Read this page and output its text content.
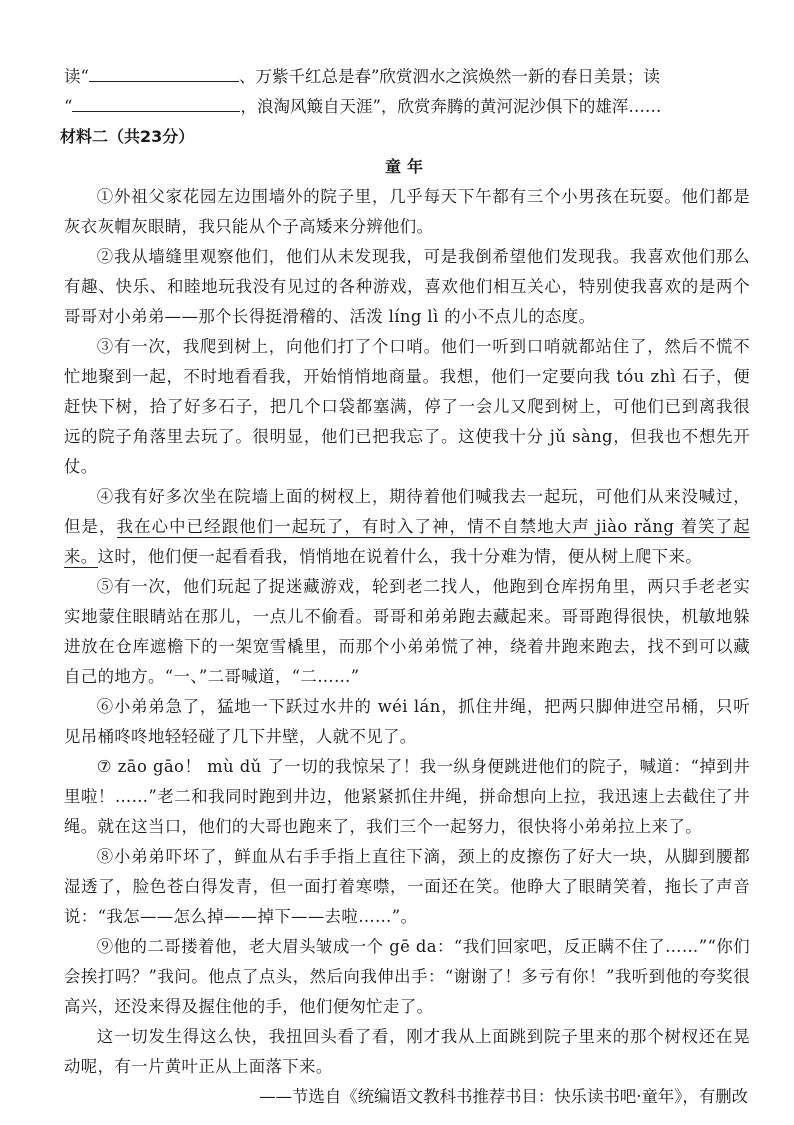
读“	、万紫千红总是春”欣赏泗水之滨焕然一新的春日美景；读

“	，浪淘风簸自天涯”，欣赏奔腾的黄河泥沙俱下的雄浑……

材料二（共23分）

童年

①外祖父家花园左边围墙外的院子里，几乎每天下午都有三个小男孩在玩耍。他们都是灰衣灰帽灰眼睛，我只能从个子高矮来分辨他们。

②我从墙缝里观察他们，他们从未发现我，可是我倒希望他们发现我。我喜欢他们那么有趣、快乐、和睦地玩我没有见过的各种游戏，喜欢他们相互关心，特别使我喜欢的是两个哥哥对小弟弟——那个长得挺滑稽的、活泼 líng lì 的小不点儿的态度。

③有一次，我爬到树上，向他们打了个口哨。他们一听到口哨就都站住了，然后不慌不忙地聚到一起，不时地看看我，开始悄悄地商量。我想，他们一定要向我 tóu zhì 石子，便赶快下树，拾了好多石子，把几个口袋都塞满，停了一会儿又爬到树上，可他们已到离我很远的院子角落里去玩了。很明显，他们已把我忘了。这使我十分 jǔ sàng，但我也不想先开仗。

④我有好多次坐在院墙上面的树杈上，期待着他们喊我去一起玩，可他们从来没喊过，但是，我在心中已经跟他们一起玩了，有时入了神，情不自禁地大声 jiào rǎng 着笑了起来。这时，他们便一起看看我，悄悄地在说着什么，我十分难为情，便从树上爬下来。

⑤有一次，他们玩起了捉迷藏游戏，轮到老二找人，他跑到仓库拐角里，两只手老老实实地蒙住眼睛站在那儿，一点儿不偷看。哥哥和弟弟跑去藏起来。哥哥跑得很快，机敏地躲进放在仓库遮檐下的一架宽雪橇里，而那个小弟弟慌了神，绕着井跑来跑去，找不到可以藏自己的地方。“一、”二哥喊道，“二……”

⑥小弟弟急了，猛地一下跃过水井的 wéi lán，抓住井绳，把两只脚伸进空吊桶，只听见吊桶咚咚地轻轻碰了几下井壁，人就不见了。

⑦ zāo gāo！ mù dǔ 了一切的我惊呆了！我一纵身便跳进他们的院子，喊道：“掉到井里啦！……”老二和我同时跑到井边，他紧紧抓住井绳，拼命想向上拉，我迅速上去截住了井绳。就在这当口，他们的大哥也跑来了，我们三个一起努力，很快将小弟弟拉上来了。

⑧小弟弟吓坏了，鲜血从右手手指上直往下滴，颈上的皮擦伤了好大一块，从脚到腰都湿透了，脸色苍白得发青，但一面打着寒噤，一面还在笑。他睁大了眼睛笑着，拖长了声音说：“我怎——怎么掉——掉下——去啦……”。

⑨他的二哥搂着他，老大眉头皱成一个 gē da：“我们回家吧，反正瞒不住了……”“你们会挨打吗？”我问。他点了点头，然后向我伸出手：“谢谢了！多亏有你！”我听到他的夸奖很高兴，还没来得及握住他的手，他们便匆忙走了。

这一切发生得这么快，我扭回头看了看，刚才我从上面跳到院子里来的那个树杈还在晃动呢，有一片黄叶正从上面落下来。

——节选自《统编语文教科书推荐书目：快乐读书吧·童年》，有删改
